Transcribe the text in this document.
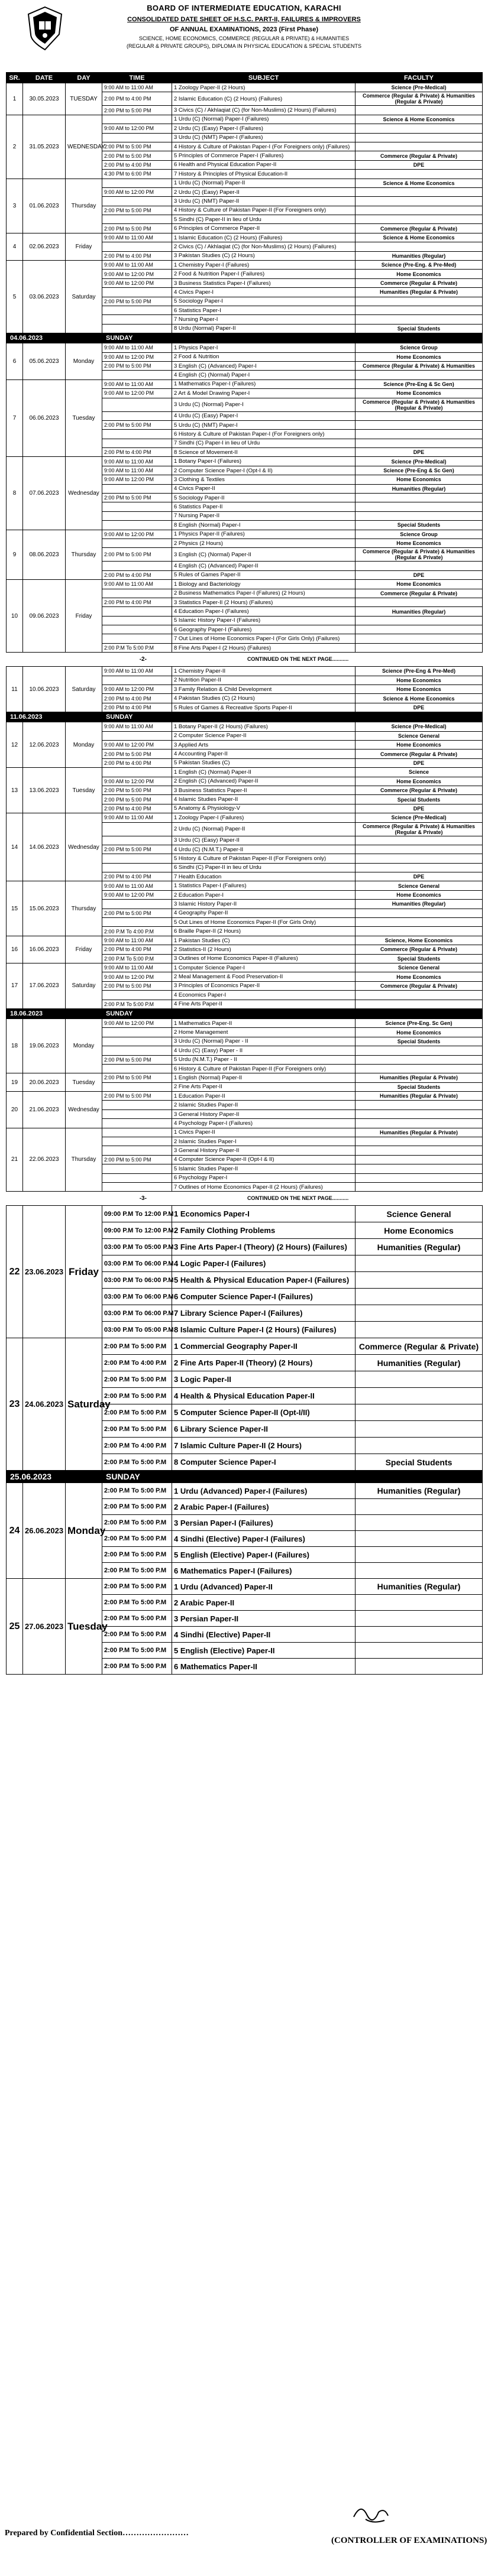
BOARD OF INTERMEDIATE EDUCATION, KARACHI
CONSOLIDATED DATE SHEET OF H.S.C. PART-II, FAILURES & IMPROVERS
OF ANNUAL EXAMINATIONS, 2023 (First Phase)
SCIENCE, HOME ECONOMICS, COMMERCE (REGULAR & PRIVATE) & HUMANITIES
(REGULAR & PRIVATE GROUPS), DIPLOMA IN PHYSICAL EDUCATION & SPECIAL STUDENTS
SR.	DATE	DAY	TIME	SUBJECT	FACULTY
1	30.05.2023	TUESDAY	9:00 AM to 11:00 AM	1 Zoology Paper-II (2 Hours)	Science (Pre-Medical)
			2:00 PM to 4:00 PM	2 Islamic Education (C) (2 Hours) (Failures)	Commerce (Regular & Private) & Humanities (Regular & Private)
			2:00 PM to 5:00 PM	3 Civics (C) / Akhlaqiat (C) (for Non-Muslims) (2 Hours) (Failures)	
2	31.05.2023	WEDNESDAY		1 Urdu (C) (Normal) Paper-I (Failures)	Science & Home Economics
			9:00 AM to 12:00 PM	2 Urdu (C) (Easy) Paper-I (Failures)	
				3 Urdu (C) (NMT) Paper-I (Failures)	
			2:00 PM to 5:00 PM	4 History & Culture of Pakistan Paper-I (For Foreigners only) (Failures)	
			2:00 PM to 5:00 PM	5 Principles of Commerce Paper-I (Failures)	Commerce (Regular & Private)
			2:00 PM to 4:00 PM	6 Health and Physical Education Paper-II	DPE
			4:30 PM to 6:00 PM	7 History & Principles of Physical Education-II	
3	01.06.2023	Thursday		1 Urdu (C) (Normal) Paper-II	Science & Home Economics
			9:00 AM to 12:00 PM	2 Urdu (C) (Easy) Paper-II	
				3 Urdu (C) (NMT) Paper-II	
			2:00 PM to 5:00 PM	4 History & Culture of Pakistan Paper-II (For Foreigners only)	
				5 Sindhi (C) Paper-II in lieu of Urdu	
			2:00 PM to 5:00 PM	6 Principles of Commerce Paper-II	Commerce (Regular & Private)
4	02.06.2023	Friday	9:00 AM to 11:00 AM	1 Islamic Education (C) (2 Hours) (Failures)	Science & Home Economics
				2 Civics (C) / Akhlaqiat (C) (for Non-Muslims) (2 Hours) (Failures)	
			2:00 PM to 4:00 PM	3 Pakistan Studies (C) (2 Hours)	Humanities (Regular)
5	03.06.2023	Saturday	9:00 AM to 11:00 AM	1 Chemistry Paper-I (Failures)	Science (Pre-Eng. & Pre-Med)
			9:00 AM to 12:00 PM	2 Food & Nutrition Paper-I (Failures)	Home Economics
			9:00 AM to 12:00 PM	3 Business Statistics Paper-I (Failures)	Commerce (Regular & Private)
				4 Civics Paper-I	Humanities (Regular & Private)
			2:00 PM to 5:00 PM	5 Sociology Paper-I	
				6 Statistics Paper-I	
				7 Nursing Paper-I	
				8 Urdu (Normal) Paper-II	Special Students
04.06.2023			SUNDAY		
6	05.06.2023	Monday	9:00 AM to 11:00 AM	1 Physics Paper-I	Science Group
			9:00 AM to 12:00 PM	2 Food & Nutrition	Home Economics
			2:00 PM to 5:00 PM	3 English (C) (Advanced) Paper-I	Commerce (Regular & Private) & Humanities
				4 English (C) (Normal) Paper-I	
7	06.06.2023	Tuesday	9:00 AM to 11:00 AM	1 Mathematics Paper-I (Failures)	Science (Pre-Eng & Sc Gen)
			9:00 AM to 12:00 PM	2 Art & Model Drawing Paper-I	Home Economics
				3 Urdu (C) (Normal) Paper-I	Commerce (Regular & Private) & Humanities (Regular & Private)
				4 Urdu (C) (Easy) Paper-I	
			2:00 PM to 5:00 PM	5 Urdu (C) (NMT) Paper-I	
				6 History & Culture of Pakistan Paper-I (For Foreigners only)	
				7 Sindhi (C) Paper-I in lieu of Urdu	
			2:00 PM to 4:00 PM	8 Science of Movement-II	DPE
8	07.06.2023	Wednesday	9:00 AM to 11:00 AM	1 Botany Paper-I (Failures)	Science (Pre-Medical)
			9:00 AM to 11:00 AM	2 Computer Science Paper-I (Opt-I & II)	Science (Pre-Eng & Sc Gen)
			9:00 AM to 12:00 PM	3 Clothing & Textiles	Home Economics
				4 Civics Paper-II	Humanities (Regular)
			2:00 PM to 5:00 PM	5 Sociology Paper-II	
				6 Statistics Paper-II	
				7 Nursing Paper-II	
				8 English (Normal) Paper-I	Special Students
9	08.06.2023	Thursday	9:00 AM to 12:00 PM	1 Physics Paper-II (Failures)	Science Group
				2 Physics (2 Hours)	Home Economics
			2:00 PM to 5:00 PM	3 English (C) (Normal) Paper-II	Commerce (Regular & Private) & Humanities (Regular & Private)
				4 English (C) (Advanced) Paper-II	
			2:00 PM to 4:00 PM	5 Rules of Games Paper-II	DPE
10	09.06.2023	Friday	9:00 AM to 11:00 AM	1 Biology and Bacteriology	Home Economics
				2 Business Mathematics Paper-I (Failures) (2 Hours)	Commerce (Regular & Private)
			2:00 PM to 4:00 PM	3 Statistics Paper-II (2 Hours) (Failures)	
				4 Education Paper-I (Failures)	Humanities (Regular)
				5 Islamic History Paper-I (Failures)	
				6 Geography Paper-I (Failures)	
				7 Out Lines of Home Economics Paper-I (For Girls Only) (Failures)	
			2:00 P.M To 5:00 P.M	8 Fine Arts Paper-I (2 Hours) (Failures)	
-2-	CONTINUED ON THE NEXT PAGE...........
11	10.06.2023	Saturday	9:00 AM to 11:00 AM	1 Chemistry Paper-II	Science (Pre-Eng & Pre-Med)
				2 Nutrition Paper-II	Home Economics
			9:00 AM to 12:00 PM	3 Family Relation & Child Development	Home Economics
			2:00 PM to 4:00 PM	4 Pakistan Studies (C) (2 Hours)	Science & Home Economics
			2:00 PM to 4:00 PM	5 Rules of Games & Recreative Sports Paper-II	DPE
11.06.2023			SUNDAY		
12	12.06.2023	Monday	9:00 AM to 11:00 AM	1 Botany Paper-II (2 Hours) (Failures)	Science (Pre-Medical)
				2 Computer Science Paper-II	Science General
			9:00 AM to 12:00 PM	3 Applied Arts	Home Economics
			2:00 PM to 5:00 PM	4 Accounting Paper-II	Commerce (Regular & Private)
			2:00 PM to 4:00 PM	5 Pakistan Studies (C)	DPE
13	13.06.2023	Tuesday		1 English (C) (Normal) Paper-II	Science
			9:00 AM to 12:00 PM	2 English (C) (Advanced) Paper-II	Home Economics
			2:00 PM to 5:00 PM	3 Business Statistics Paper-II	Commerce (Regular & Private)
			2:00 PM to 5:00 PM	4 Islamic Studies Paper-II	Special Students
			2:00 PM to 4:00 PM	5 Anatomy & Physiology-V	DPE
14	14.06.2023	Wednesday	9:00 AM to 11:00 AM	1 Zoology Paper-I (Failures)	Science (Pre-Medical)
				2 Urdu (C) (Normal) Paper-II	Commerce (Regular & Private) & Humanities (Regular & Private)
				3 Urdu (C) (Easy) Paper-II	
			2:00 PM to 5:00 PM	4 Urdu (C) (N.M.T.) Paper-II	
				5 History & Culture of Pakistan Paper-II (For Foreigners only)	
				6 Sindhi (C) Paper-II in lieu of Urdu	
			2:00 PM to 4:00 PM	7 Health Education	DPE
15	15.06.2023	Thursday	9:00 AM to 11:00 AM	1 Statistics Paper-I (Failures)	Science General
			9:00 AM to 12:00 PM	2 Education Paper-I	Home Economics
				3 Islamic History Paper-II	Humanities (Regular)
			2:00 PM to 5:00 PM	4 Geography Paper-II	
				5 Out Lines of Home Economics Paper-II (For Girls Only)	
			2:00 P.M To 4:00 P.M	6 Braille Paper-II (2 Hours)	
16	16.06.2023	Friday	9:00 AM to 11:00 AM	1 Pakistan Studies (C)	Science, Home Economics
			2:00 PM to 4:00 PM	2 Statistics-II (2 Hours)	Commerce (Regular & Private)
			2:00 P.M To 5:00 P.M	3 Outlines of Home Economics Paper-II (Failures)	Special Students
17	17.06.2023	Saturday	9:00 AM to 11:00 AM	1 Computer Science Paper-I	Science General
			9:00 AM to 12:00 PM	2 Meal Management & Food Preservation-II	Home Economics
			2:00 PM to 5:00 PM	3 Principles of Economics Paper-II	Commerce (Regular & Private)
				4 Economics Paper-I	
			2:00 P.M To 5:00 P.M	4 Fine Arts Paper-II	
18.06.2023			SUNDAY		
18	19.06.2023	Monday	9:00 AM to 12:00 PM	1 Mathematics Paper-II	Science (Pre-Eng. Sc Gen)
				2 Home Management	Home Economics
				3 Urdu (C) (Normal) Paper - II	Special Students
				4 Urdu (C) (Easy) Paper - II	
			2:00 PM to 5:00 PM	5 Urdu (N.M.T.) Paper - II	
				6 History & Culture of Pakistan Paper-II (For Foreigners only)	
19	20.06.2023	Tuesday	2:00 PM to 5:00 PM	1 English (Normal) Paper-II	Humanities (Regular & Private)
				2 Fine Arts Paper-II	Special Students
20	21.06.2023	Wednesday	2:00 PM to 5:00 PM	1 Education Paper-II	Humanities (Regular & Private)
				2 Islamic Studies Paper-II	
				3 General History Paper-II	
				4 Psychology Paper-I (Failures)	
21	22.06.2023	Thursday		1 Civics Paper-II	Humanities (Regular & Private)
				2 Islamic Studies Paper-I	
				3 General History Paper-II	
			2:00 PM to 5:00 PM	4 Computer Science Paper-II (Opt-I & II)	
				5 Islamic Studies Paper-II	
				6 Psychology Paper-I	
				7 Outlines of Home Economics Paper-II (2 Hours) (Failures)	
-3-	CONTINUED ON THE NEXT PAGE...........
22	23.06.2023	Friday	09:00 P.M To 12:00 P.M	1 Economics Paper-I	Science General
			09:00 P.M To 12:00 P.M	2 Family Clothing Problems	Home Economics
			03:00 P.M To 05:00 P.M	3 Fine Arts Paper-I (Theory) (2 Hours) (Failures)	Humanities (Regular)
			03:00 P.M To 06:00 P.M	4 Logic Paper-I (Failures)	
			03:00 P.M To 06:00 P.M	5 Health & Physical Education Paper-I (Failures)	
			03:00 P.M To 06:00 P.M	6 Computer Science Paper-I (Failures)	
			03:00 P.M To 06:00 P.M	7 Library Science Paper-I (Failures)	
			03:00 P.M To 05:00 P.M	8 Islamic Culture Paper-I (2 Hours) (Failures)	
23	24.06.2023	Saturday	2:00 P.M To 5:00 P.M	1 Commercial Geography Paper-II	Commerce (Regular & Private)
			2:00 P.M To 4:00 P.M	2 Fine Arts Paper-II (Theory) (2 Hours)	Humanities (Regular)
			2:00 P.M To 5:00 P.M	3 Logic Paper-II	
			2:00 P.M To 5:00 P.M	4 Health & Physical Education Paper-II	
			2:00 P.M To 5:00 P.M	5 Computer Science Paper-II (Opt-I/II)	
			2:00 P.M To 5:00 P.M	6 Library Science Paper-II	
			2:00 P.M To 4:00 P.M	7 Islamic Culture Paper-II (2 Hours)	
			2:00 P.M To 5:00 P.M	8 Computer Science Paper-I	Special Students
25.06.2023			SUNDAY		
24	26.06.2023	Monday	2:00 P.M To 5:00 P.M	1 Urdu (Advanced) Paper-I (Failures)	Humanities (Regular)
			2:00 P.M To 5:00 P.M	2 Arabic Paper-I (Failures)	
			2:00 P.M To 5:00 P.M	3 Persian Paper-I (Failures)	
			2:00 P.M To 5:00 P.M	4 Sindhi (Elective) Paper-I (Failures)	
			2:00 P.M To 5:00 P.M	5 English (Elective) Paper-I (Failures)	
			2:00 P.M To 5:00 P.M	6 Mathematics Paper-I (Failures)	
25	27.06.2023	Tuesday	2:00 P.M To 5:00 P.M	1 Urdu (Advanced) Paper-II	Humanities (Regular)
			2:00 P.M To 5:00 P.M	2 Arabic Paper-II	
			2:00 P.M To 5:00 P.M	3 Persian Paper-II	
			2:00 P.M To 5:00 P.M	4 Sindhi (Elective) Paper-II	
			2:00 P.M To 5:00 P.M	5 English (Elective) Paper-II	
			2:00 P.M To 5:00 P.M	6 Mathematics Paper-II	
Prepared by Confidential Section……………………
(CONTROLLER OF EXAMINATIONS)
